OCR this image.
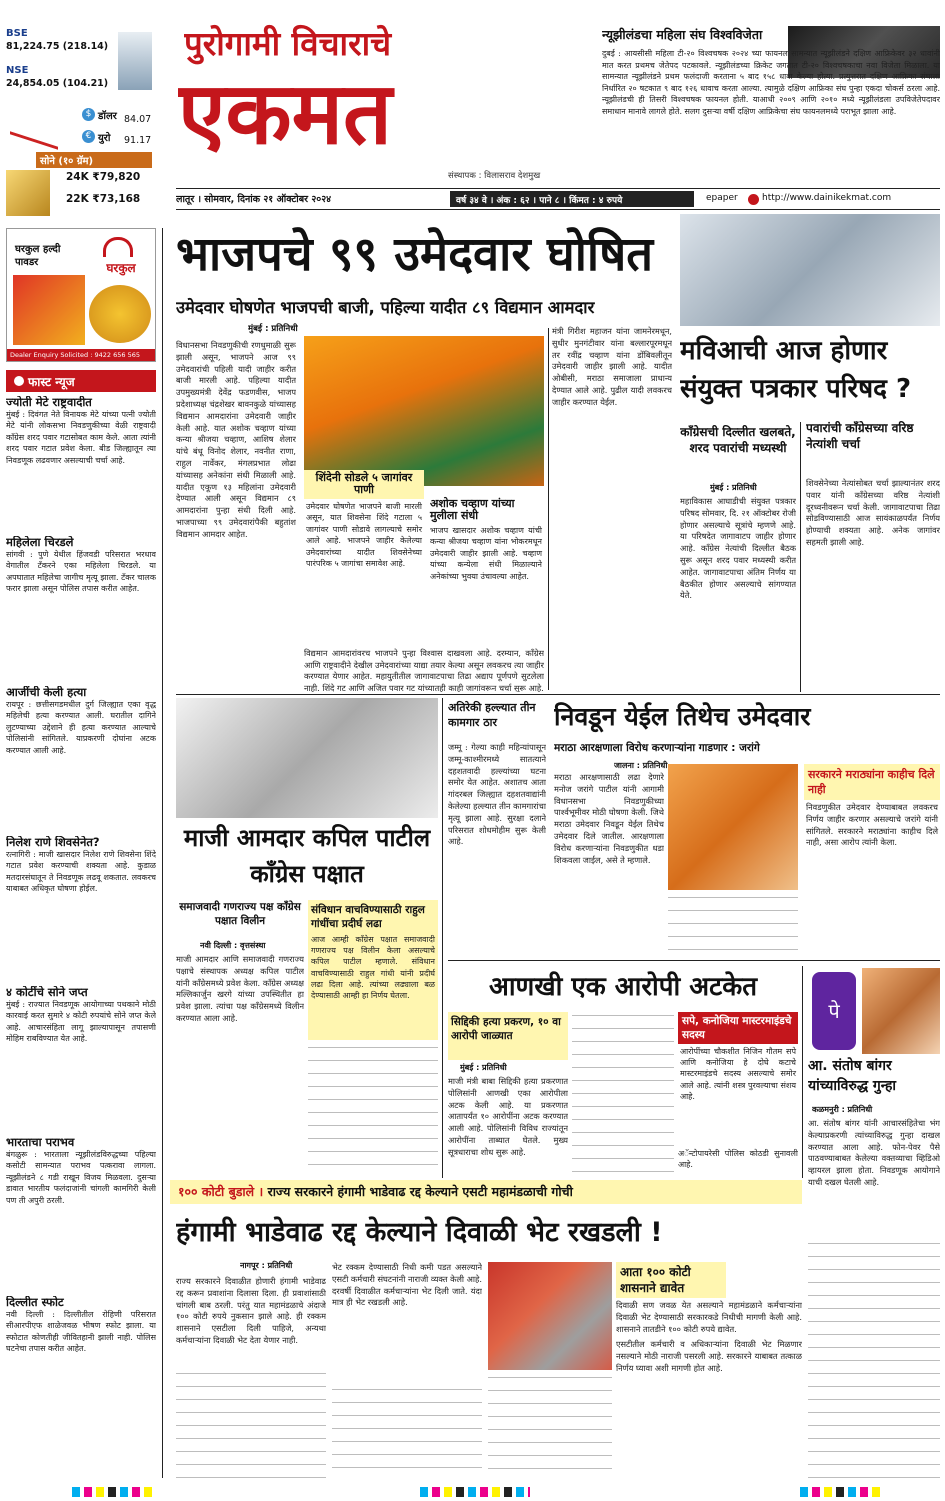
BSE
81,224.75 (218.14)
NSE
24,854.05 (104.21)
$ डॉलर 84.07
€ युरो 91.17
सोने (१० ग्रॅम)
24K ₹79,820
22K ₹73,168
पुरोगामी विचाराचे
एकमत
संस्थापक : विलासराव देशमुख
न्यूझीलंडचा महिला संघ विश्वविजेता
दुबई : आयसीसी महिला टी-२० विश्वचषक २०२४ च्या फायनल सामन्यात न्यूझीलंडने दक्षिण आफ्रिकेवर ३२ धावांनी मात करत प्रथमच जेतेपद पटकावले. न्यूझीलंडच्या क्रिकेट जगतात टी-२० विश्वचषकाचा नवा विजेता मिळाला. या सामन्यात न्यूझीलंडने प्रथम फलंदाजी करताना ५ बाद १५८ धावा केल्या होत्या. प्रत्युत्तरात दक्षिण आफ्रिका संघाला निर्धारित २० षटकात ९ बाद १२६ धावाच करता आल्या. त्यामुळे दक्षिण आफ्रिका संघ पुन्हा एकदा चोकर्स ठरला आहे. न्यूझीलंडची ही तिसरी विश्वचषक फायनल होती. याआधी २००९ आणि २०१० मध्ये न्यूझीलंडला उपविजेतेपदावर समाधान मानावे लागले होते. सलग दुसऱ्या वर्षी दक्षिण आफ्रिकेचा संघ फायनलमध्ये पराभूत झाला आहे.
लातूर । सोमवार, दिनांक २१ ऑक्टोबर २०२४	वर्ष ३४ वे । अंक : ६२ । पाने ८ । किंमत : ४ रुपये	epaper	http://www.dainikekmat.com
घरकुल हल्दी पावडर	घरकुल
Dealer Enquiry Solicited : 9422 656 565
फास्ट न्यूज
ज्योती मेटे राष्ट्रवादीत
मुंबई : दिवंगत नेते विनायक मेटे यांच्या पत्नी ज्योती मेटे यांनी लोकसभा निवडणुकीच्या वेळी राष्ट्रवादी काँग्रेस शरद पवार गटासोबत काम केले. आता त्यांनी शरद पवार गटात प्रवेश केला. बीड जिल्ह्यातून त्या निवडणूक लढवणार असल्याची चर्चा आहे.
महिलेला चिरडले
सांगवी : पुणे येथील हिंजवडी परिसरात भरधाव वेगातील टँकरने एका महिलेला चिरडले. या अपघातात महिलेचा जागीच मृत्यू झाला. टँकर चालक फरार झाला असून पोलिस तपास करीत आहेत.
आजींची केली हत्या
रायपूर : छत्तीसगडमधील दुर्ग जिल्ह्यात एका वृद्ध महिलेची हत्या करण्यात आली. घरातील दागिने लुटण्याच्या उद्देशाने ही हत्या करण्यात आल्याचे पोलिसांनी सांगितले. याप्रकरणी दोघांना अटक करण्यात आली आहे.
निलेश राणे शिवसेनेत?
रत्नागिरी : माजी खासदार निलेश राणे शिवसेना शिंदे गटात प्रवेश करण्याची शक्यता आहे. कुडाळ मतदारसंघातून ते निवडणूक लढवू शकतात. लवकरच याबाबत अधिकृत घोषणा होईल.
४ कोटींचे सोने जप्त
मुंबई : राज्यात निवडणूक आयोगाच्या पथकाने मोठी कारवाई करत सुमारे ४ कोटी रुपयांचे सोने जप्त केले आहे. आचारसंहिता लागू झाल्यापासून तपासणी मोहिम राबविण्यात येत आहे.
भारताचा पराभव
बंगळुरू : भारताला न्यूझीलंडविरुद्धच्या पहिल्या कसोटी सामन्यात पराभव पत्करावा लागला. न्यूझीलंडने ८ गडी राखून विजय मिळवला. दुसऱ्या डावात भारतीय फलंदाजांनी चांगली कामगिरी केली पण ती अपुरी ठरली.
दिल्लीत स्फोट
नवी दिल्ली : दिल्लीतील रोहिणी परिसरात सीआरपीएफ शाळेजवळ भीषण स्फोट झाला. या स्फोटात कोणतीही जीवितहानी झाली नाही. पोलिस घटनेचा तपास करीत आहेत.
भाजपचे ९९ उमेदवार घोषित
उमेदवार घोषणेत भाजपची बाजी, पहिल्या यादीत ८९ विद्यमान आमदार
मुंबई : प्रतिनिधी
विधानसभा निवडणुकीची रणधुमाळी सुरू झाली असून, भाजपने आज ९९ उमेदवारांची पहिली यादी जाहीर करीत बाजी मारली आहे. पहिल्या यादीत उपमुख्यमंत्री देवेंद्र फडणवीस, भाजप प्रदेशाध्यक्ष चंद्रशेखर बावनकुळे यांच्यासह विद्यमान आमदारांना उमेदवारी जाहीर केली आहे. यात अशोक चव्हाण यांच्या कन्या श्रीजया चव्हाण, आशिष शेलार यांचे बंधू विनोद शेलार, नवनीत राणा, राहुल नार्वेकर, मंगलप्रभात लोढा यांच्यासह अनेकांना संधी मिळाली आहे. यादीत एकूण १३ महिलांना उमेदवारी देण्यात आली असून विद्यमान ८९ आमदारांना पुन्हा संधी दिली आहे. भाजपाच्या ९९ उमेदवारांपैकी बहुतांश विद्यमान आमदार आहेत.
शिंदेनी सोडले ५ जागांवर पाणी
उमेदवार घोषणेत भाजपने बाजी मारली असून, यात शिवसेना शिंदे गटाला ५ जागांवर पाणी सोडावे लागल्याचे समोर आले आहे. भाजपने जाहीर केलेल्या उमेदवारांच्या यादीत शिवसेनेच्या पारंपरिक ५ जागांचा समावेश आहे.
अशोक चव्हाण यांच्या मुलीला संधी
भाजप खासदार अशोक चव्हाण यांची कन्या श्रीजया चव्हाण यांना भोकरमधून उमेदवारी जाहीर झाली आहे. चव्हाण यांच्या कन्येला संधी मिळाल्याने अनेकांच्या भुवया उंचावल्या आहेत.
विद्यमान आमदारांवरच भाजपने पुन्हा विश्वास दाखवला आहे. दरम्यान, काँग्रेस आणि राष्ट्रवादीने देखील उमेदवारांच्या याद्या तयार केल्या असून लवकरच त्या जाहीर करण्यात येणार आहेत. महायुतीतील जागावाटपाचा तिढा अद्याप पूर्णपणे सुटलेला नाही. शिंदे गट आणि अजित पवार गट यांच्यातही काही जागांवरून चर्चा सुरू आहे.
मंत्री गिरीश महाजन यांना जामनेरमधून, सुधीर मुनगंटीवार यांना बल्लारपूरमधून तर रवींद्र चव्हाण यांना डोंबिवलीतून उमेदवारी जाहीर झाली आहे. यादीत ओबीसी, मराठा समाजाला प्राधान्य देण्यात आले आहे. पुढील यादी लवकरच जाहीर करण्यात येईल.
मविआची आज होणार संयुक्त पत्रकार परिषद ?
काँग्रेसची दिल्लीत खलबते, शरद पवारांची मध्यस्थी
मुंबई : प्रतिनिधी
महाविकास आघाडीची संयुक्त पत्रकार परिषद सोमवार, दि. २१ ऑक्टोबर रोजी होणार असल्याचे सूत्रांचे म्हणणे आहे. या परिषदेत जागावाटप जाहीर होणार आहे. काँग्रेस नेत्यांची दिल्लीत बैठक सुरू असून शरद पवार मध्यस्थी करीत आहेत. जागावाटपाचा अंतिम निर्णय या बैठकीत होणार असल्याचे सांगण्यात येते.
पवारांची काँग्रेसच्या वरिष्ठ नेत्यांशी चर्चा
शिवसेनेच्या नेत्यांसोबत चर्चा झाल्यानंतर शरद पवार यांनी काँग्रेसच्या वरिष्ठ नेत्यांशी दूरध्वनीवरून चर्चा केली. जागावाटपाचा तिढा सोडविण्यासाठी आज सायंकाळपर्यंत निर्णय होण्याची शक्यता आहे. अनेक जागांवर सहमती झाली आहे.
माजी आमदार कपिल पाटील काँग्रेस पक्षात
समाजवादी गणराज्य पक्ष काँग्रेस पक्षात विलीन
नवी दिल्ली : वृत्तसंस्था
माजी आमदार आणि समाजवादी गणराज्य पक्षाचे संस्थापक अध्यक्ष कपिल पाटील यांनी काँग्रेसमध्ये प्रवेश केला. काँग्रेस अध्यक्ष मल्लिकार्जुन खरगे यांच्या उपस्थितीत हा प्रवेश झाला. त्यांचा पक्ष काँग्रेसमध्ये विलीन करण्यात आला आहे.
संविधान वाचविण्यासाठी राहुल गांधींचा प्रदीर्घ लढा
आज आम्ही काँग्रेस पक्षात समाजवादी गणराज्य पक्ष विलीन केला असल्याचे कपिल पाटील म्हणाले. संविधान वाचविण्यासाठी राहुल गांधी यांनी प्रदीर्घ लढा दिला आहे. त्यांच्या लढ्याला बळ देण्यासाठी आम्ही हा निर्णय घेतला.
अतिरेकी हल्ल्यात तीन कामगार ठार
जम्मू : गेल्या काही महिन्यांपासून जम्मू-काश्मीरमध्ये सातत्याने दहशतवादी हल्ल्यांच्या घटना समोर येत आहेत. अशातच आता गांदरबल जिल्ह्यात दहशतवाद्यांनी केलेल्या हल्ल्यात तीन कामगारांचा मृत्यू झाला आहे. सुरक्षा दलाने परिसरात शोधमोहीम सुरू केली आहे.
निवडून येईल तिथेच उमेदवार
मराठा आरक्षणाला विरोध करणाऱ्यांना गाडणार : जरांगे
जालना : प्रतिनिधी
मराठा आरक्षणासाठी लढा देणारे मनोज जरांगे पाटील यांनी आगामी विधानसभा निवडणुकीच्या पार्श्वभूमीवर मोठी घोषणा केली. जिथे मराठा उमेदवार निवडून येईल तिथेच उमेदवार दिले जातील. आरक्षणाला विरोध करणाऱ्यांना निवडणुकीत धडा शिकवला जाईल, असे ते म्हणाले.
सरकारने मराठ्यांना काहीच दिले नाही
निवडणुकीत उमेदवार देण्याबाबत लवकरच निर्णय जाहीर करणार असल्याचे जरांगे यांनी सांगितले. सरकारने मराठ्यांना काहीच दिले नाही, असा आरोप त्यांनी केला.
आणखी एक आरोपी अटकेत
सिद्दिकी हत्या प्रकरण, १० वा आरोपी जाळ्यात
मुंबई : प्रतिनिधी
माजी मंत्री बाबा सिद्दिकी हत्या प्रकरणात पोलिसांनी आणखी एका आरोपीला अटक केली आहे. या प्रकरणात आतापर्यंत १० आरोपींना अटक करण्यात आली आहे. पोलिसांनी विविध राज्यांतून आरोपींना ताब्यात घेतले. मुख्य सूत्रधाराचा शोध सुरू आहे.
सपे, कनोजिया मास्टरमाइंडचे सदस्य
आरोपींच्या चौकशीत निजिन गौतम सपे आणि कनोजिया हे दोघे कटाचे मास्टरमाइंडचे सदस्य असल्याचे समोर आले आहे. त्यांनी शस्त्र पुरवल्याचा संशय आहे.
अॅन्टोपायरेसी पोलिस कोठडी सुनावली आहे.
पे
आ. संतोष बांगर यांच्याविरुद्ध गुन्हा
कळमनुरी : प्रतिनिधी
आ. संतोष बांगर यांनी आचारसंहितेचा भंग केल्याप्रकरणी त्यांच्याविरुद्ध गुन्हा दाखल करण्यात आला आहे. फोन-पेवर पैसे पाठवण्याबाबत केलेल्या वक्तव्याचा व्हिडिओ व्हायरल झाला होता. निवडणूक आयोगाने याची दखल घेतली आहे.
१०० कोटी बुडाले । राज्य सरकारने हंगामी भाडेवाढ रद्द केल्याने एसटी महामंडळाची गोची
हंगामी भाडेवाढ रद्द केल्याने दिवाळी भेट रखडली !
नागपूर : प्रतिनिधी
राज्य सरकारने दिवाळीत होणारी हंगामी भाडेवाढ रद्द करून प्रवाशांना दिलासा दिला. ही प्रवाशांसाठी चांगली बाब ठरली. परंतु यात महामंडळाचे अंदाजे १०० कोटी रुपये नुकसान झाले आहे. ही रक्कम शासनाने एसटीला दिली पाहिजे, अन्यथा कर्मचाऱ्यांना दिवाळी भेट देता येणार नाही.
भेट रक्कम देण्यासाठी निधी कमी पडत असल्याने एसटी कर्मचारी संघटनांनी नाराजी व्यक्त केली आहे. दरवर्षी दिवाळीत कर्मचाऱ्यांना भेट दिली जाते. यंदा मात्र ही भेट रखडली आहे.
आता १०० कोटी शासनाने द्यावेत
दिवाळी सण जवळ येत असल्याने महामंडळाने कर्मचाऱ्यांना दिवाळी भेट देण्यासाठी सरकारकडे निधीची मागणी केली आहे. शासनाने तातडीने १०० कोटी रुपये द्यावेत.
एसटीतील कर्मचारी व अधिकाऱ्यांना दिवाळी भेट मिळणार नसल्याने मोठी नाराजी पसरली आहे. सरकारने याबाबत तत्काळ निर्णय घ्यावा अशी मागणी होत आहे.
